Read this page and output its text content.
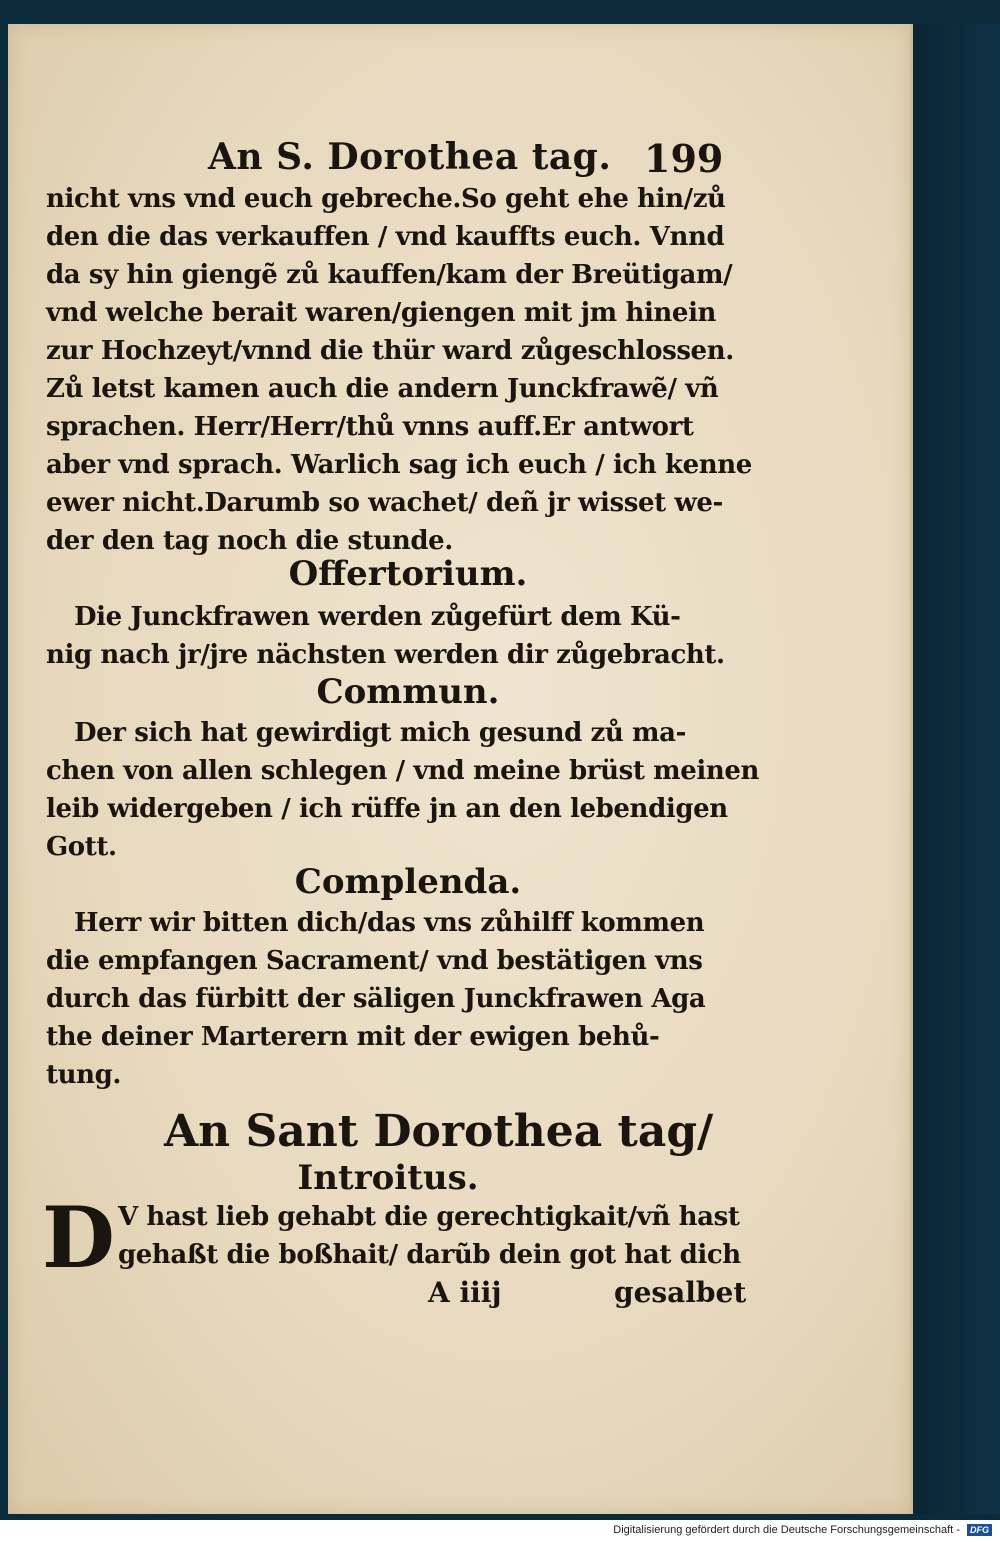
An S. Dorothea tag. 199

nicht vns vnd euch gebreche.So geht ehe hin/zů

den die das verkauffen / vnd kauffts euch. Vnnd

da sy hin giengẽ zů kauffen/kam der Breütigam/

vnd welche berait waren/giengen mit jm hinein

zur Hochzeyt/vnnd die thür ward zůgeschlossen.

Zů letst kamen auch die andern Junckfrawẽ/ vñ

sprachen. Herr/Herr/thů vnns auff.Er antwort

aber vnd sprach. Warlich sag ich euch / ich kenne

ewer nicht.Darumb so wachet/ deñ jr wisset we-

der den tag noch die stunde.

Offertorium.

Die Junckfrawen werden zůgefürt dem Kü-

nig nach jr/jre nächsten werden dir zůgebracht.

Commun.

Der sich hat gewirdigt mich gesund zů ma-

chen von allen schlegen / vnd meine brüst meinen

leib widergeben / ich rüffe jn an den lebendigen

Gott.

Complenda.

Herr wir bitten dich/das vns zůhilff kommen

die empfangen Sacrament/ vnd bestätigen vns

durch das fürbitt der säligen Junckfrawen Aga

the deiner Marterern mit der ewigen behů-

tung.

An Sant Dorothea tag/

Introitus.

D V hast lieb gehabt die gerechtigkait/vñ hast

gehaßt die boßhait/ darũb dein got hat dich

A iiij	gesalbet

Digitalisierung gefördert durch die Deutsche Forschungsgemeinschaft - DFG
